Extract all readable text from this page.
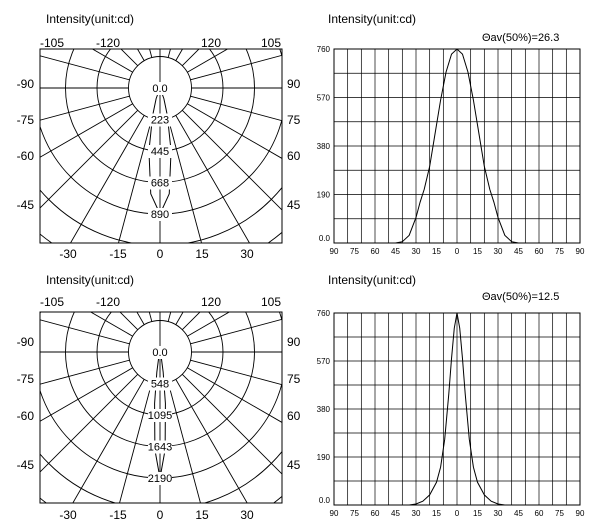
Intensity(unit:cd)
0.0
223
445
668
890
-105	-120	120	105
-90
-75
-60
-45
90
75
60
45
-30	-15 0	15	30
Intensity(unit:cd)
Θav(50%)=26.3
90 75 60 45 30 15 0 15 30 45 60 75 90
0.0
190
380
570
760
Intensity(unit:cd)
0.0
548
1095
1643
2190
-105	-120	120	105
-90
-75
-60
-45
90
75
60
45
-30	-15 0	15	30
Intensity(unit:cd)
Θav(50%)=12.5
90 75 60 45 30 15 0 15 30 45 60 75 90
0.0
190
380
570
760
